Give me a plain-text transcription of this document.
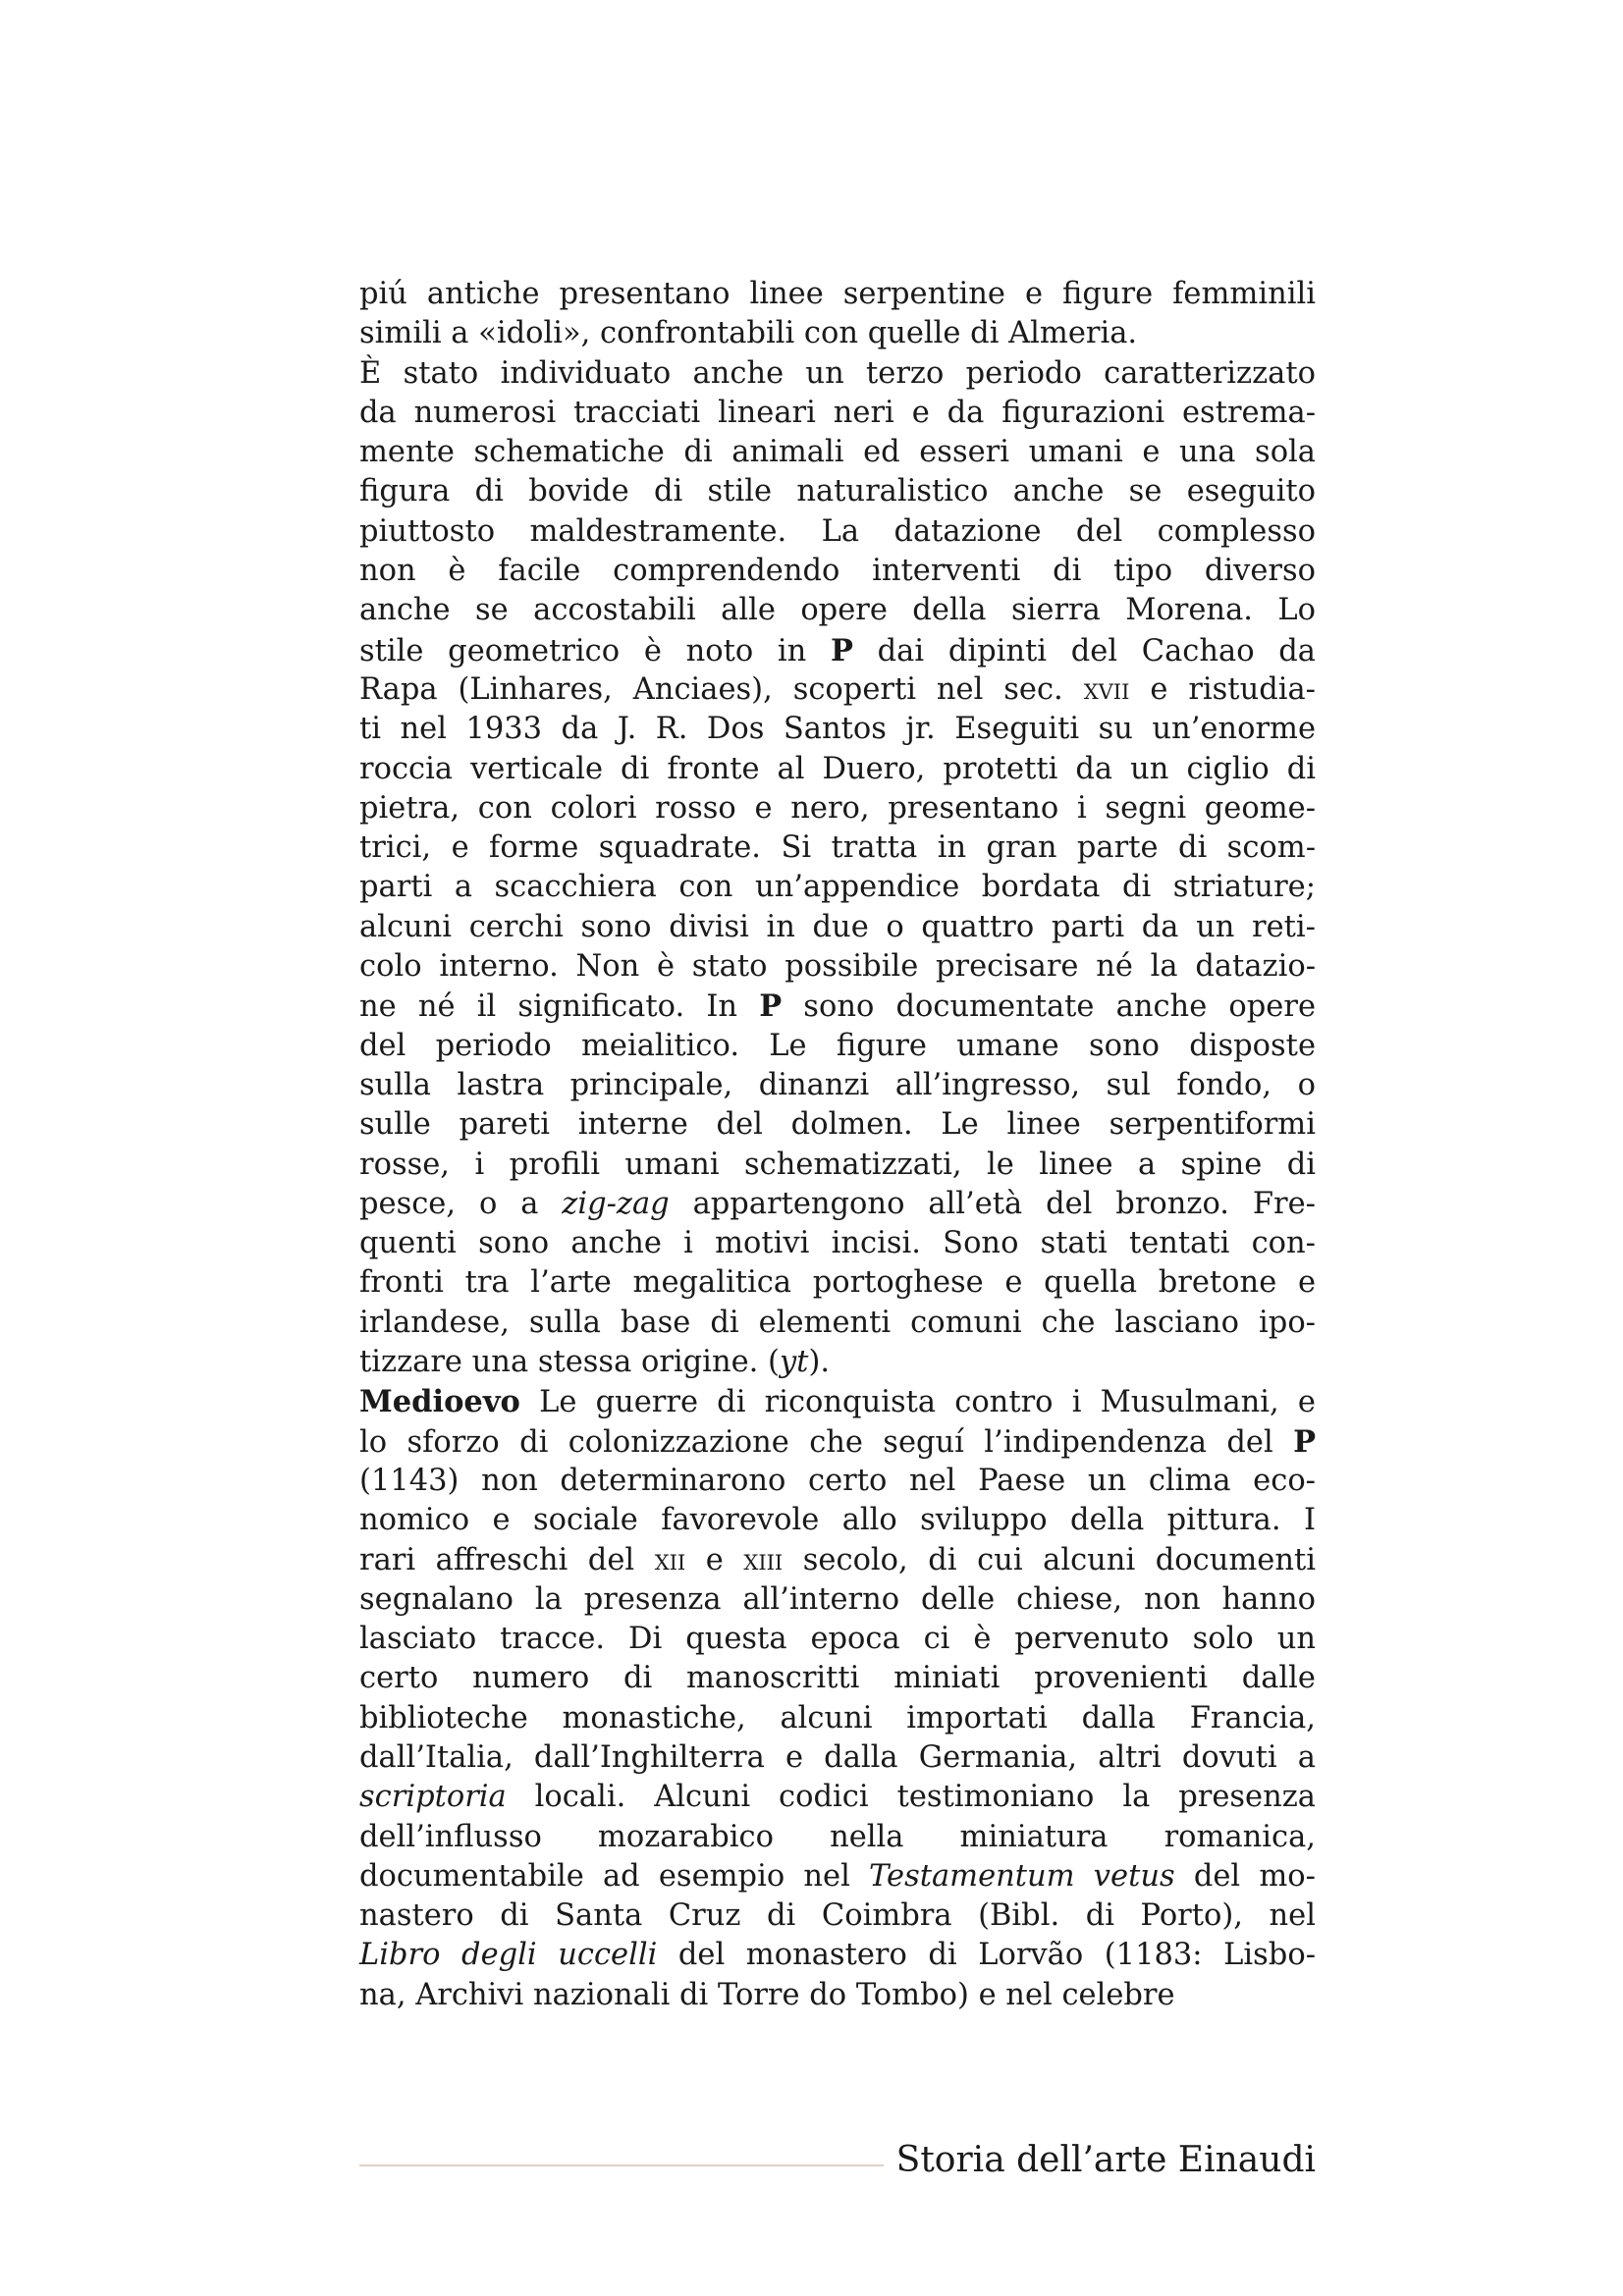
piú antiche presentano linee serpentine e figure femminili
simili a «idoli», confrontabili con quelle di Almeria.
È stato individuato anche un terzo periodo caratterizzato
da numerosi tracciati lineari neri e da figurazioni estrema-
mente schematiche di animali ed esseri umani e una sola
figura di bovide di stile naturalistico anche se eseguito
piuttosto maldestramente. La datazione del complesso
non è facile comprendendo interventi di tipo diverso
anche se accostabili alle opere della sierra Morena. Lo
stile geometrico è noto in P dai dipinti del Cachao da
Rapa (Linhares, Anciaes), scoperti nel sec. xvii e ristudia-
ti nel 1933 da J. R. Dos Santos jr. Eseguiti su un’enorme
roccia verticale di fronte al Duero, protetti da un ciglio di
pietra, con colori rosso e nero, presentano i segni geome-
trici, e forme squadrate. Si tratta in gran parte di scom-
parti a scacchiera con un’appendice bordata di striature;
alcuni cerchi sono divisi in due o quattro parti da un reti-
colo interno. Non è stato possibile precisare né la datazio-
ne né il significato. In P sono documentate anche opere
del periodo meialitico. Le figure umane sono disposte
sulla lastra principale, dinanzi all’ingresso, sul fondo, o
sulle pareti interne del dolmen. Le linee serpentiformi
rosse, i profili umani schematizzati, le linee a spine di
pesce, o a zig-zag appartengono all’età del bronzo. Fre-
quenti sono anche i motivi incisi. Sono stati tentati con-
fronti tra l’arte megalitica portoghese e quella bretone e
irlandese, sulla base di elementi comuni che lasciano ipo-
tizzare una stessa origine. (yt).
Medioevo Le guerre di riconquista contro i Musulmani, e
lo sforzo di colonizzazione che seguí l’indipendenza del P
(1143) non determinarono certo nel Paese un clima eco-
nomico e sociale favorevole allo sviluppo della pittura. I
rari affreschi del xii e xiii secolo, di cui alcuni documenti
segnalano la presenza all’interno delle chiese, non hanno
lasciato tracce. Di questa epoca ci è pervenuto solo un
certo numero di manoscritti miniati provenienti dalle
biblioteche monastiche, alcuni importati dalla Francia,
dall’Italia, dall’Inghilterra e dalla Germania, altri dovuti a
scriptoria locali. Alcuni codici testimoniano la presenza
dell’influsso mozarabico nella miniatura romanica,
documentabile ad esempio nel Testamentum vetus del mo-
nastero di Santa Cruz di Coimbra (Bibl. di Porto), nel
Libro degli uccelli del monastero di Lorvão (1183: Lisbo-
na, Archivi nazionali di Torre do Tombo) e nel celebre
Storia dell’arte Einaudi
